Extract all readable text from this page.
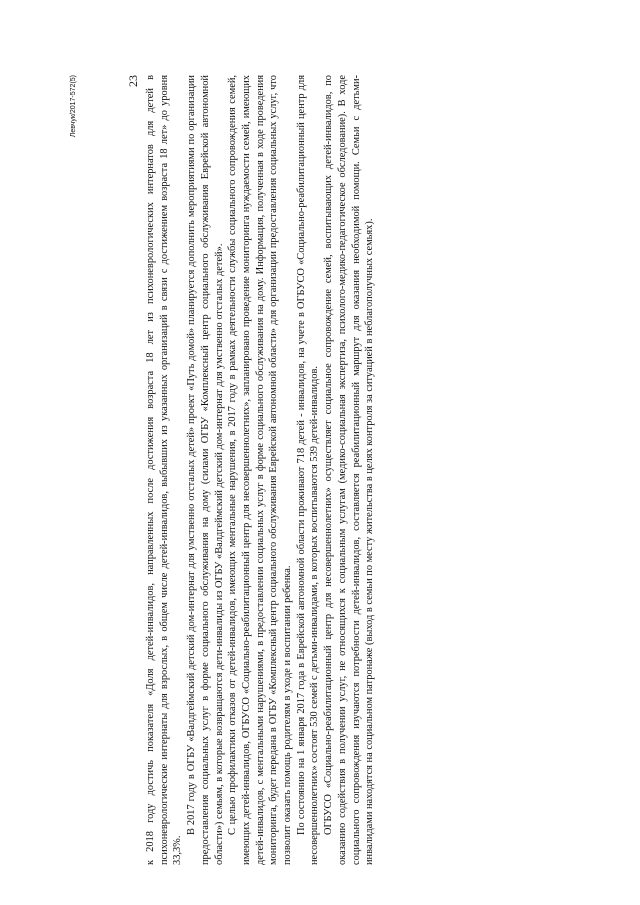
23 к 2018 году достичь показателя «Доля детей-инвалидов, направленных после достижения возраста 18 лет из психоневрологических интернатов для детей в психоневрологические интернаты для взрослых, в общем числе детей-инвалидов, выбывших из указанных организаций в связи с достижением возраста 18 лет» до уровня 33,3%.

В 2017 году в ОГБУ «Валдгеймский детский дом-интернат для умственно отсталых детей» проект «Путь домой» планируется дополнить мероприятиями по организации предоставления социальных услуг в форме социального обслуживания на дому (силами ОГБУ «Комплексный центр социального обслуживания Еврейской автономной области») семьям, в которые возвращаются дети-инвалиды из ОГБУ «Валдгеймский детский дом-интернат для умственно отсталых детей». С целью профилактики отказов от детей-инвалидов, имеющих ментальные нарушения, в 2017 году в рамках деятельности службы социального сопровождения семей, имеющих детей-инвалидов, ОГБУСО «Социально-реабилитационный центр для несовершеннолетних», запланировано проведение мониторинга нуждаемости семей, имеющих детей-инвалидов, с ментальными нарушениями, в предоставлении социальных услуг в форме социального обслуживания на дому. Информация, полученная в ходе проведения мониторинга, будет передана в ОГБУ «Комплексный центр социального обслуживания Еврейской автономной области» для организации предоставления социальных услуг, что позволит оказать помощь родителям в уходе и воспитании ребенка. По состоянию на 1 января 2017 года в Еврейской автономной области проживают 718 детей - инвалидов, на учете в ОГБУСО «Социально-реабилитационный центр для несовершеннолетних» состоят 530 семей с детьми-инвалидами, в которых воспитываются 539 детей-инвалидов. ОГБУСО «Социально-реабилитационный центр для несовершеннолетних» осуществляет социальное сопровождение семей, воспитывающих детей-инвалидов, по оказанию содействия в получении услуг, не относящихся к социальным услугам (медико-социальная экспертиза, психолого-медико-педагогическое обследование). В ходе социального сопровождения изучаются потребности детей-инвалидов, составляется реабилитационный маршрут для оказания необходимой помощи. Семьи с детьми-инвалидами находятся на социальном патронаже (выход в семьи по месту жительства в целях контроля за ситуацией в неблагополучных семьях).

Левчук/2017-572(5)
